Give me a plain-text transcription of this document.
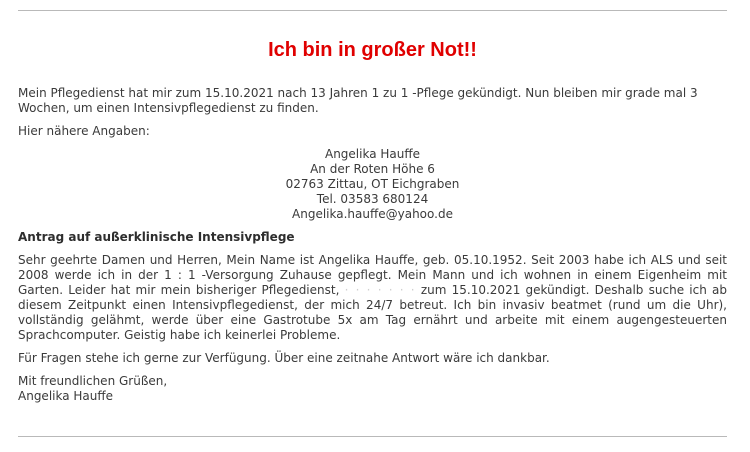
Ich bin in großer Not!!

Mein Pflegedienst hat mir zum 15.10.2021 nach 13 Jahren 1 zu 1 -Pflege gekündigt. Nun bleiben mir grade mal 3 Wochen, um einen Intensivpflegedienst zu finden.

Hier nähere Angaben:

Angelika Hauffe
An der Roten Höhe 6
02763 Zittau, OT Eichgraben
Tel. 03583 680124
Angelika.hauffe@yahoo.de
Antrag auf außerklinische Intensivpflege

Sehr geehrte Damen und Herren, Mein Name ist Angelika Hauffe, geb. 05.10.1952. Seit 2003 habe ich ALS und seit 2008 werde ich in der 1 : 1 -Versorgung Zuhause gepflegt. Mein Mann und ich wohnen in einem Eigenheim mit Garten. Leider hat mir mein bisheriger Pflegedienst, · · · · · · · zum 15.10.2021 gekündigt. Deshalb suche ich ab diesem Zeitpunkt einen Intensivpflegedienst, der mich 24/7 betreut. Ich bin invasiv beatmet (rund um die Uhr), vollständig gelähmt, werde über eine Gastrotube 5x am Tag ernährt und arbeite mit einem augengesteuerten Sprachcomputer. Geistig habe ich keinerlei Probleme.

Für Fragen stehe ich gerne zur Verfügung. Über eine zeitnahe Antwort wäre ich dankbar.

Mit freundlichen Grüßen,
Angelika Hauffe
